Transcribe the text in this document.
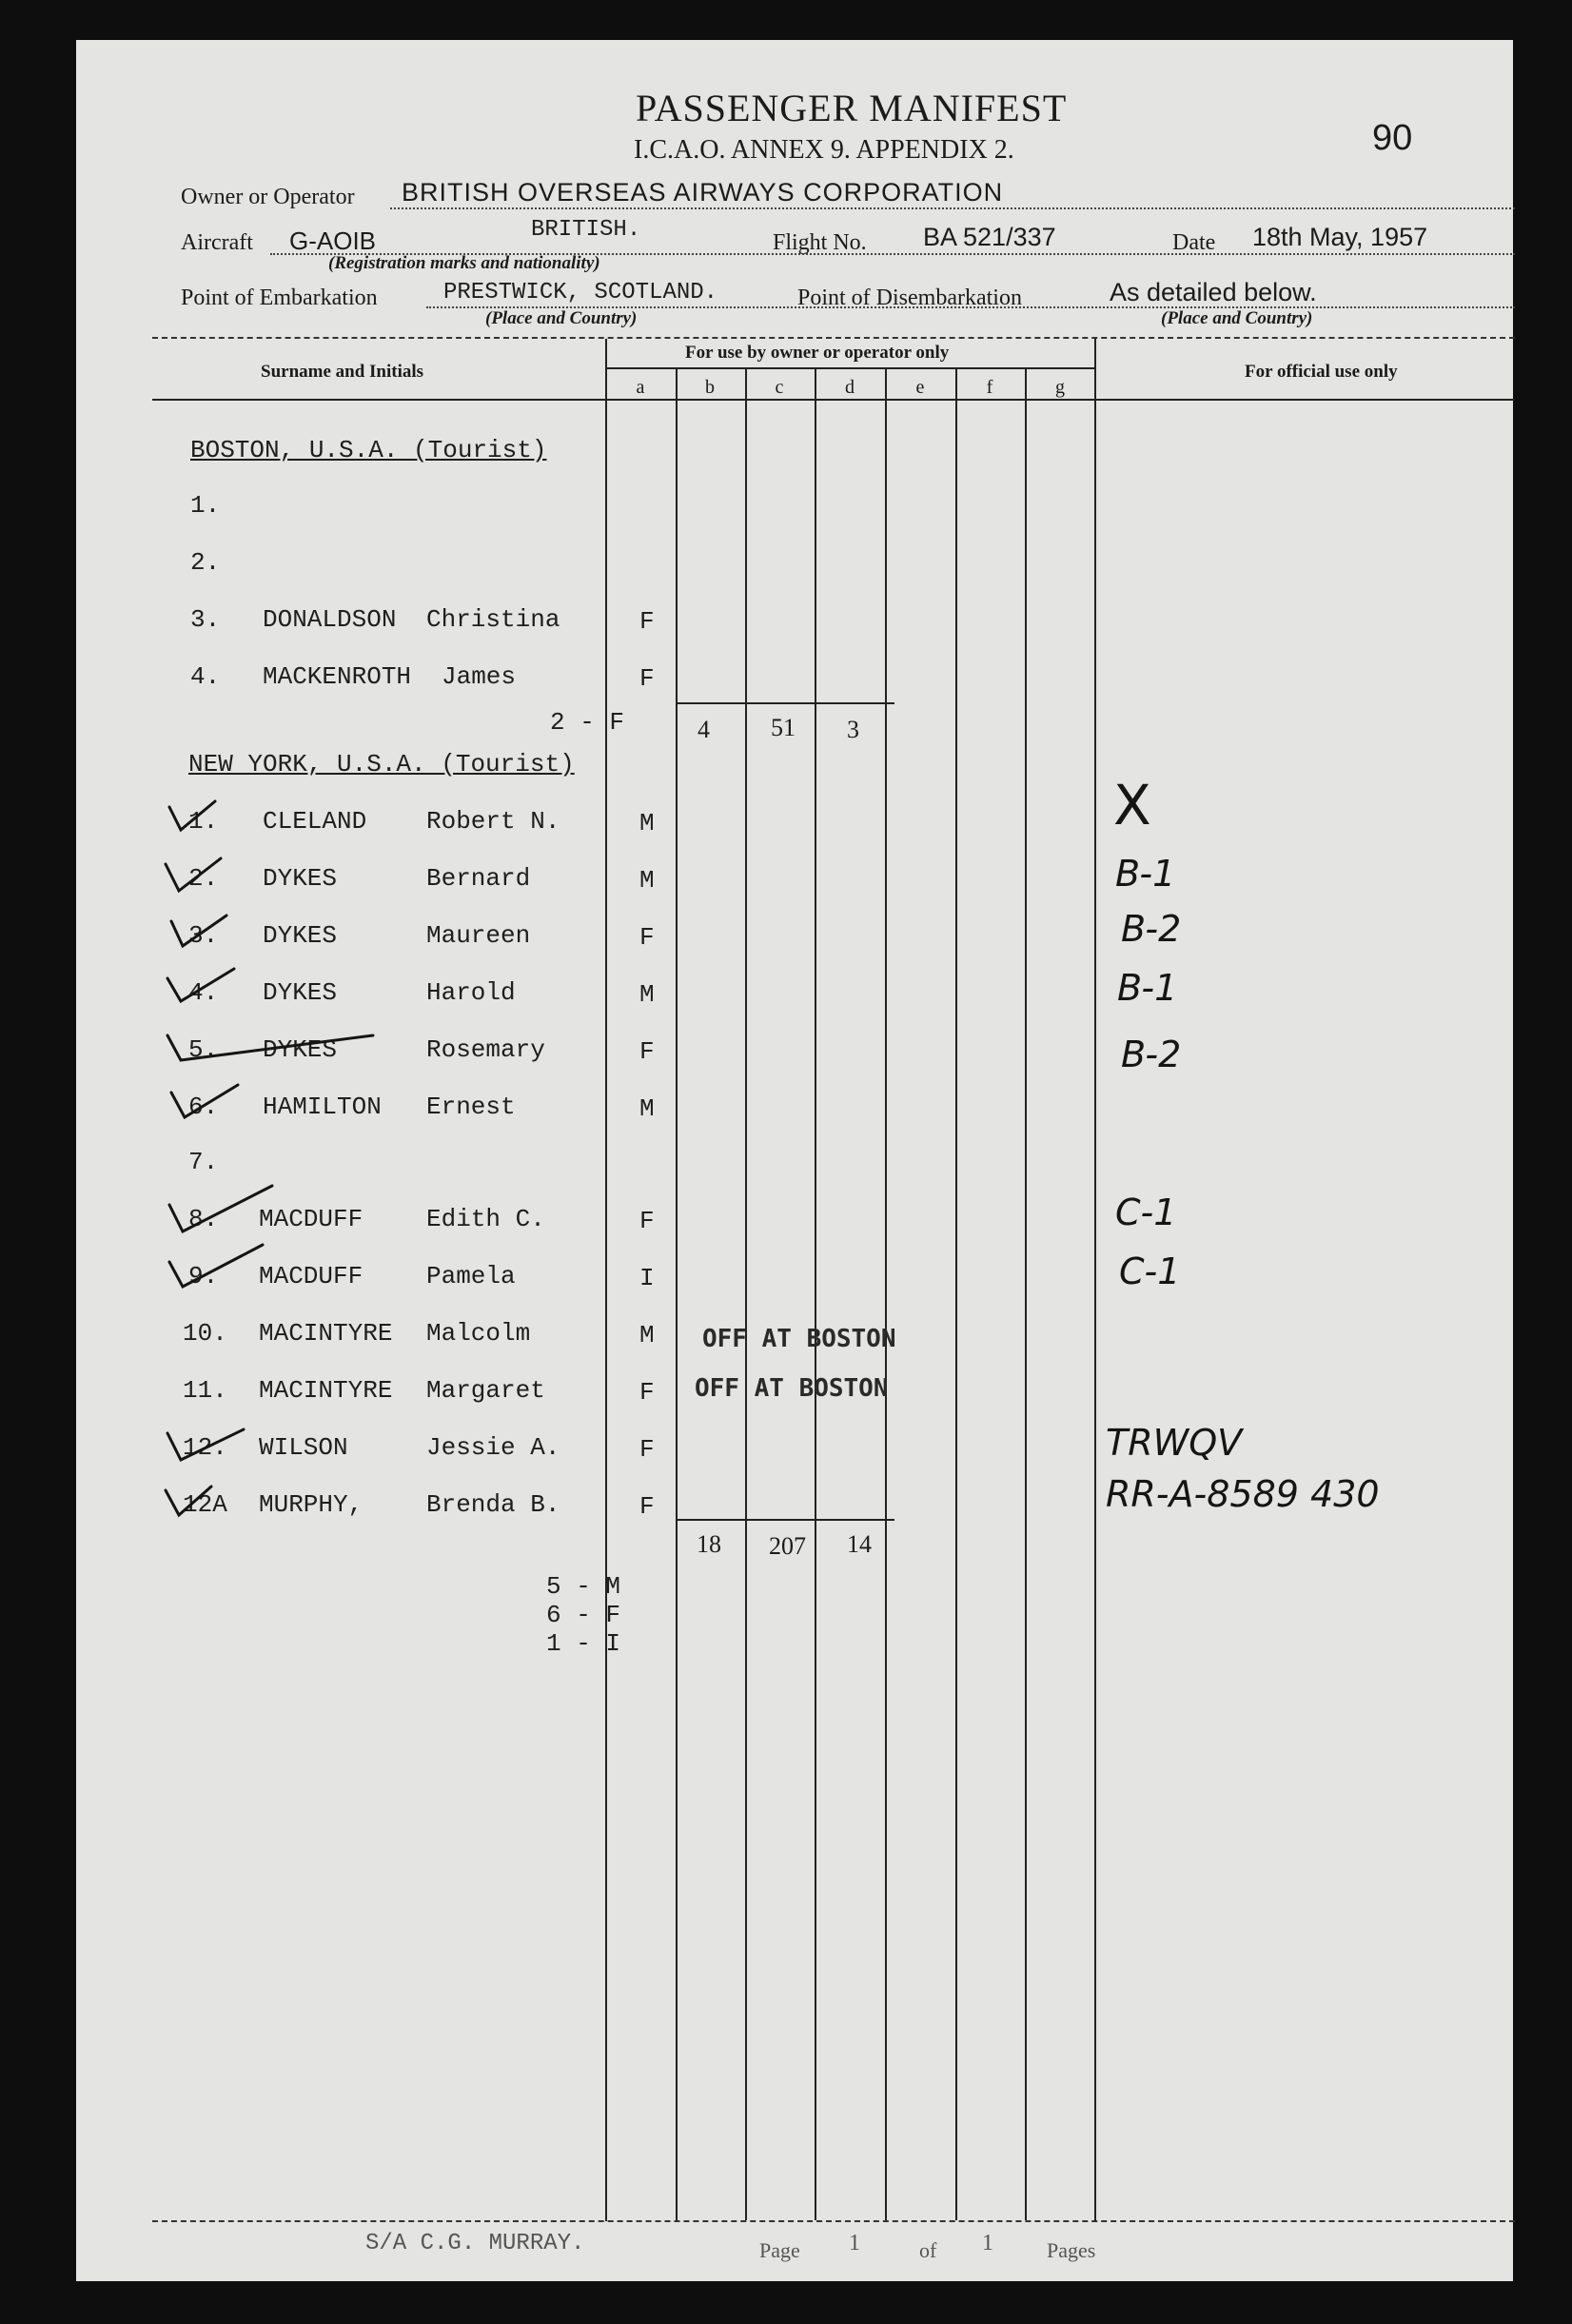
PASSENGER MANIFEST
I.C.A.O. ANNEX 9. APPENDIX 2.	90
Owner or Operator BRITISH OVERSEAS AIRWAYS CORPORATION
Aircraft G-AOIB	BRITISH.
(Registration marks and nationality)
Flight No. BA 521/337	Date 18th May, 1957
Point of Embarkation	PRESTWICK, SCOTLAND.
(Place and Country)
Point of Disembarkation	As detailed below.
(Place and Country)
Surname and Initials
For use by owner or operator only
For official use only
a	b	c	d	e	f	g
BOSTON, U.S.A. (Tourist)
1.
2.
3. DONALDSON Christina	F
4. MACKENROTH James	F
2 - F	4 51 3
NEW YORK, U.S.A. (Tourist)
1. CLELAND Robert N.	M	X
2. DYKES	Bernard	M	B-1
3. DYKES	Maureen	F	B-2
4. DYKES	Harold	M	B-1
5. DYKES	Rosemary	F	B-2
6. HAMILTON Ernest	M
7.
8. MACDUFF	Edith C.	F	C-1
9. MACDUFF	Pamela	I	C-1
10. MACINTYRE Malcolm	M OFF AT BOSTON
11. MACINTYRE Margaret	F OFF AT BOSTON
12. WILSON	Jessie A.	F	TRWQV
12A MURPHY,	Brenda B.	F	RR-A-8589 430
18 207 14
5 - M
6 - F
1 - I
S/A C.G. MURRAY.	Page 1	of 1	Pages
